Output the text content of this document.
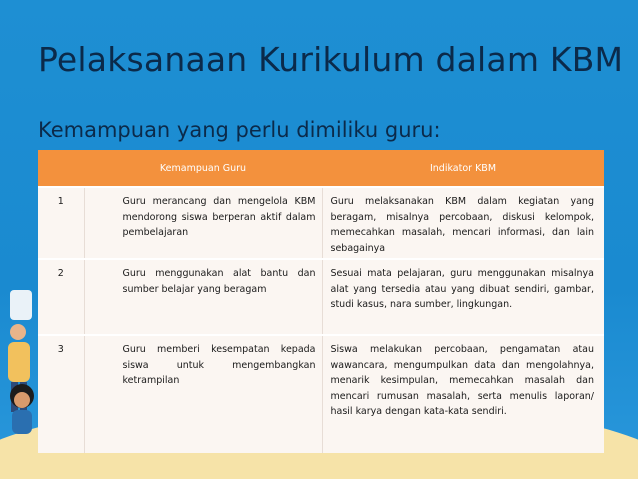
Pelaksanaan Kurikulum dalam KBM
Kemampuan yang perlu dimiliku guru:
	Kemampuan Guru	Indikator KBM
1	Guru merancang dan mengelola KBM mendorong siswa berperan aktif dalam pembelajaran	Guru melaksanakan KBM dalam kegiatan yang beragam, misalnya percobaan, diskusi kelompok, memecahkan masalah, mencari informasi, dan lain sebagainya
2	Guru menggunakan alat bantu dan sumber belajar yang beragam	Sesuai mata pelajaran, guru menggunakan misalnya alat yang tersedia atau yang dibuat sendiri, gambar, studi kasus, nara sumber, lingkungan.
3	Guru memberi kesempatan kepada siswa untuk mengembangkan ketrampilan	Siswa melakukan percobaan, pengamatan atau wawancara, mengumpulkan data dan mengolahnya, menarik kesimpulan, memecahkan masalah dan mencari rumusan masalah, serta menulis laporan/ hasil karya dengan kata-kata sendiri.
